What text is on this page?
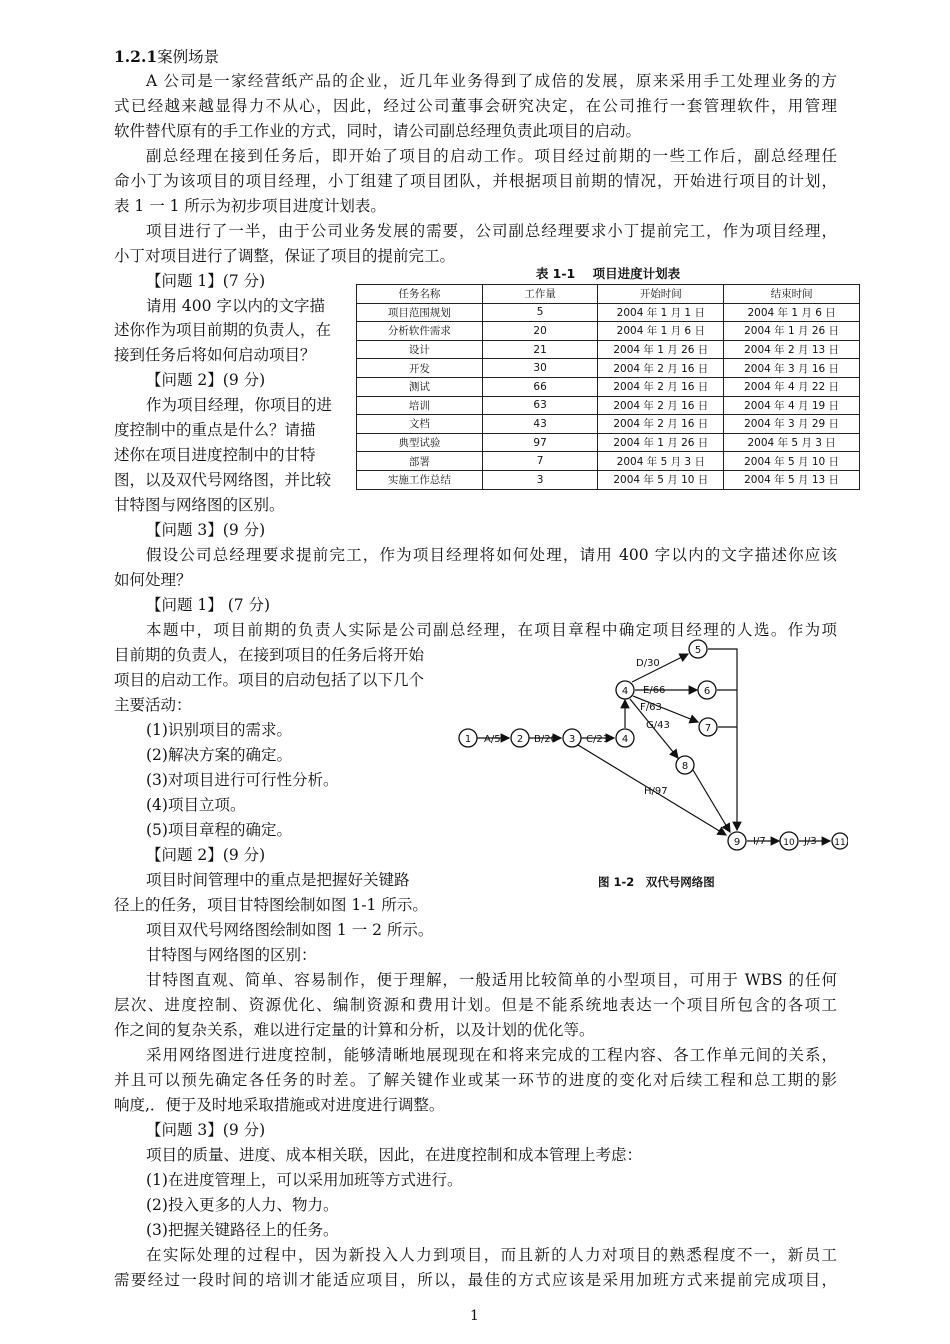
1.2.1案例场景
A 公司是一家经营纸产品的企业，近几年业务得到了成倍的发展，原来采用手工处理业务的方
式已经越来越显得力不从心，因此，经过公司董事会研究决定，在公司推行一套管理软件，用管理
软件替代原有的手工作业的方式，同时，请公司副总经理负责此项目的启动。
副总经理在接到任务后，即开始了项目的启动工作。项目经过前期的一些工作后，副总经理任
命小丁为该项目的项目经理，小丁组建了项目团队，并根据项目前期的情况，开始进行项目的计划，
表 1 一 1 所示为初步项目进度计划表。
项目进行了一半，由于公司业务发展的需要，公司副总经理要求小丁提前完工，作为项目经理，
小丁对项目进行了调整，保证了项目的提前完工。
【问题 1】(7 分)
请用 400 字以内的文字描
述你作为项目前期的负责人，在
接到任务后将如何启动项目？
【问题 2】(9 分)
作为项目经理，你项目的进
度控制中的重点是什么？请描
述你在项目进度控制中的甘特
图，以及双代号网络图，并比较
甘特图与网络图的区别。
【问题 3】(9 分)
表 1-1 项目进度计划表
任务名称	工作量	开始时间	结束时间
项目范围规划	5	2004 年 1 月 1 日	2004 年 1 月 6 日
分析软件需求	20	2004 年 1 月 6 日	2004 年 1 月 26 日
设计	21	2004 年 1 月 26 日	2004 年 2 月 13 日
开发	30	2004 年 2 月 16 日	2004 年 3 月 16 日
测试	66	2004 年 2 月 16 日	2004 年 4 月 22 日
培训	63	2004 年 2 月 16 日	2004 年 4 月 19 日
文档	43	2004 年 2 月 16 日	2004 年 3 月 29 日
典型试验	97	2004 年 1 月 26 日	2004 年 5 月 3 日
部署	7	2004 年 5 月 3 日	2004 年 5 月 10 日
实施工作总结	3	2004 年 5 月 10 日	2004 年 5 月 13 日
假设公司总经理要求提前完工，作为项目经理将如何处理，请用 400 字以内的文字描述你应该
如何处理？
【问题 1】 (7 分)
本题中，项目前期的负责人实际是公司副总经理，在项目章程中确定项目经理的人选。作为项
目前期的负责人，在接到项目的任务后将开始
项目的启动工作。项目的启动包括了以下几个
主要活动：
(1)识别项目的需求。
(2)解决方案的确定。
(3)对项目进行可行性分析。
(4)项目立项。
(5)项目章程的确定。
【问题 2】(9 分)
项目时间管理中的重点是把握好关键路
径上的任务，项目甘特图绘制如图 1-1 所示。
项目双代号网络图绘制如图 1 一 2 所示。
甘特图与网络图的区别：
甘特图直观、简单、容易制作，便于理解，一般适用比较简单的小型项目，可用于 WBS 的任何
层次、进度控制、资源优化、编制资源和费用计划。但是不能系统地表达一个项目所包含的各项工
作之间的复杂关系，难以进行定量的计算和分析，以及计划的优化等。
采用网络图进行进度控制，能够清晰地展现现在和将来完成的工程内容、各工作单元间的关系，
并且可以预先确定各任务的时差。了解关键作业或某一环节的进度的变化对后续工程和总工期的影
响度,．便于及时地采取措施或对进度进行调整。
【问题 3】(9 分)
项目的质量、进度、成本相关联，因此，在进度控制和成本管理上考虑：
(1)在进度管理上，可以采用加班等方式进行。
(2)投入更多的人力、物力。
(3)把握关键路径上的任务。
在实际处理的过程中，因为新投入人力到项目，而且新的人力对项目的熟悉程度不一，新员工
需要经过一段时间的培训才能适应项目，所以，最佳的方式应该是采用加班方式来提前完成项目，
A/5	B/20	C/21
D/30
E/66
F/63
G/43
H/97
I/7	J/3
1	2	3	4
4
5
6
7
8
9	10	11
图 1-2　双代号网络图
1
